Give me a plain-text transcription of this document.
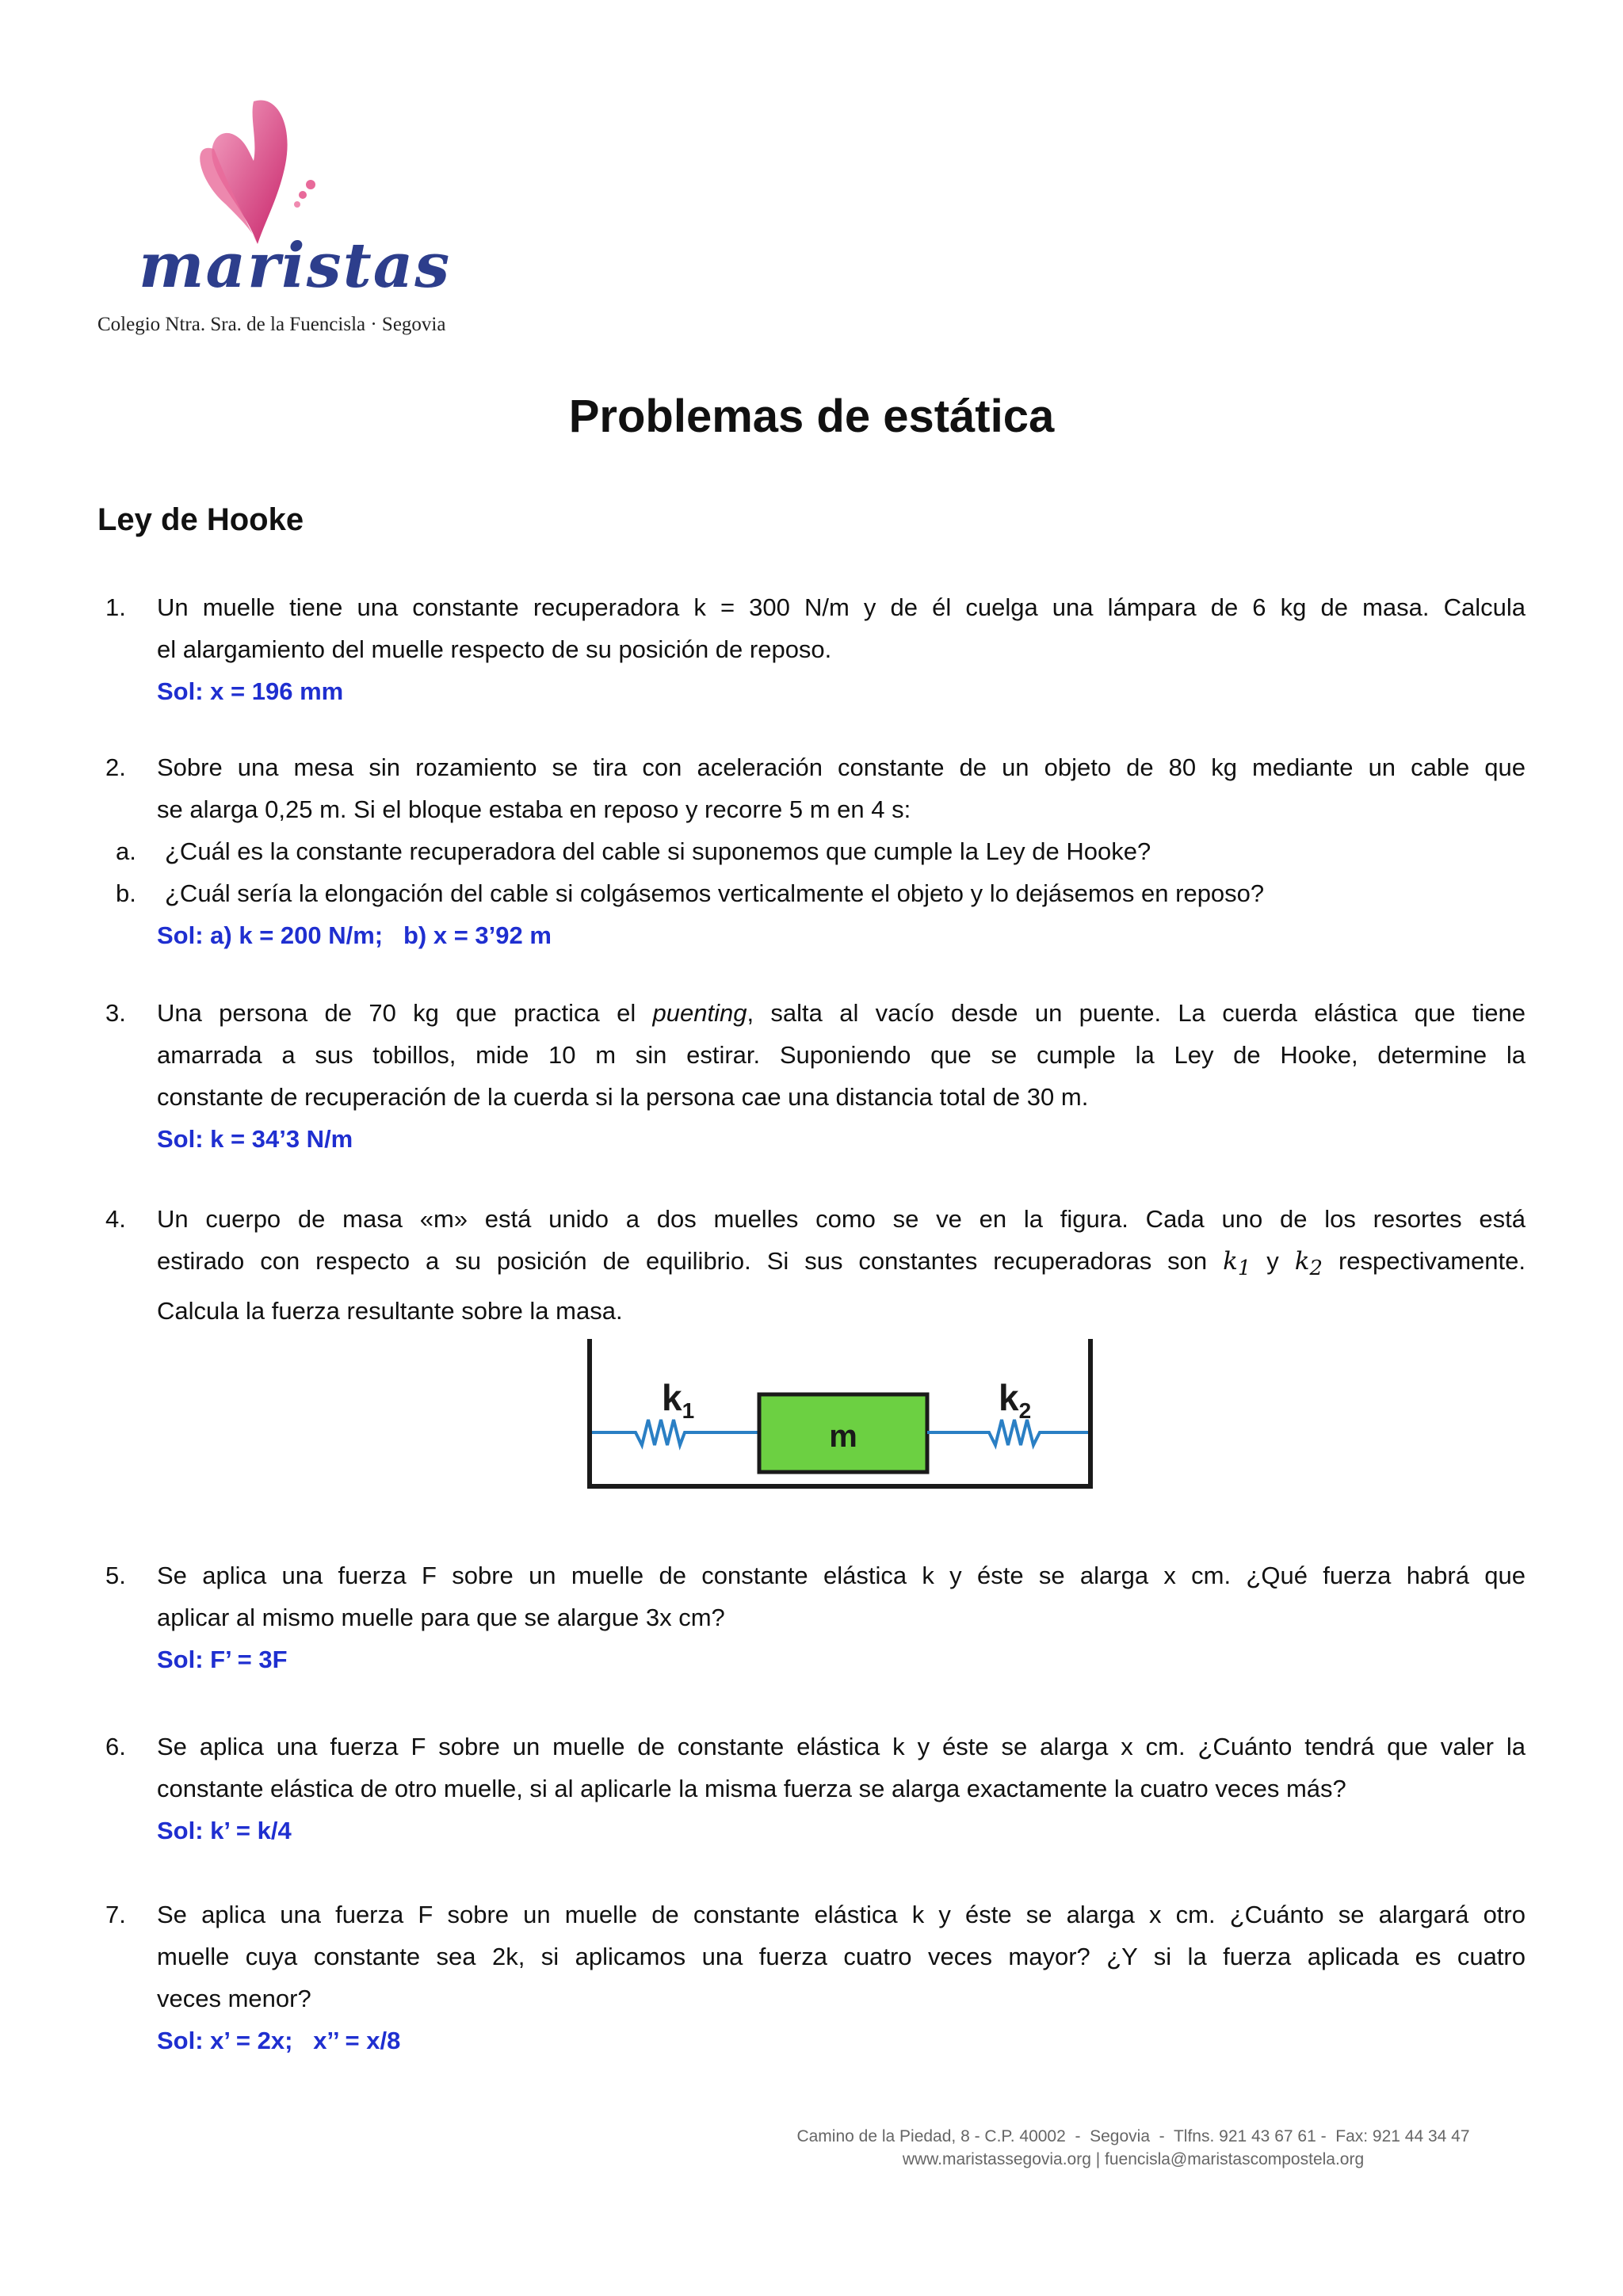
maristas
Colegio Ntra. Sra. de la Fuencisla · Segovia
Problemas de estática
Ley de Hooke
1. Un muelle tiene una constante recuperadora k = 300 N/m y de él cuelga una lámpara de 6 kg de masa. Calcula
el alargamiento del muelle respecto de su posición de reposo.
Sol: x = 196 mm
2. Sobre una mesa sin rozamiento se tira con aceleración constante de un objeto de 80 kg mediante un cable que
se alarga 0,25 m. Si el bloque estaba en reposo y recorre 5 m en 4 s:
a. ¿Cuál es la constante recuperadora del cable si suponemos que cumple la Ley de Hooke?
b. ¿Cuál sería la elongación del cable si colgásemos verticalmente el objeto y lo dejásemos en reposo?
Sol: a) k = 200 N/m;   b) x = 3’92 m
3. Una persona de 70 kg que practica el puenting, salta al vacío desde un puente. La cuerda elástica que tiene
amarrada a sus tobillos, mide 10 m sin estirar. Suponiendo que se cumple la Ley de Hooke, determine la
constante de recuperación de la cuerda si la persona cae una distancia total de 30 m.
Sol: k = 34’3 N/m
4. Un cuerpo de masa «m» está unido a dos muelles como se ve en la figura. Cada uno de los resortes está
estirado con respecto a su posición de equilibrio. Si sus constantes recuperadoras son $k_1$ y $k_2$ respectivamente.
Calcula la fuerza resultante sobre la masa.
$k_1$
m
$k_2$
5. Se aplica una fuerza F sobre un muelle de constante elástica k y éste se alarga x cm. ¿Qué fuerza habrá que
aplicar al mismo muelle para que se alargue 3x cm?
Sol: F’ = 3F
6. Se aplica una fuerza F sobre un muelle de constante elástica k y éste se alarga x cm. ¿Cuánto tendrá que valer la
constante elástica de otro muelle, si al aplicarle la misma fuerza se alarga exactamente la cuatro veces más?
Sol: k’ = k/4
7. Se aplica una fuerza F sobre un muelle de constante elástica k y éste se alarga x cm. ¿Cuánto se alargará otro
muelle cuya constante sea 2k, si aplicamos una fuerza cuatro veces mayor? ¿Y si la fuerza aplicada es cuatro
veces menor?
Sol: x’ = 2x;   x’’ = x/8
Camino de la Piedad, 8 - C.P. 40002  -  Segovia  -  Tlfns. 921 43 67 61 -  Fax: 921 44 34 47
www.maristassegovia.org | fuencisla@maristascompostela.org
